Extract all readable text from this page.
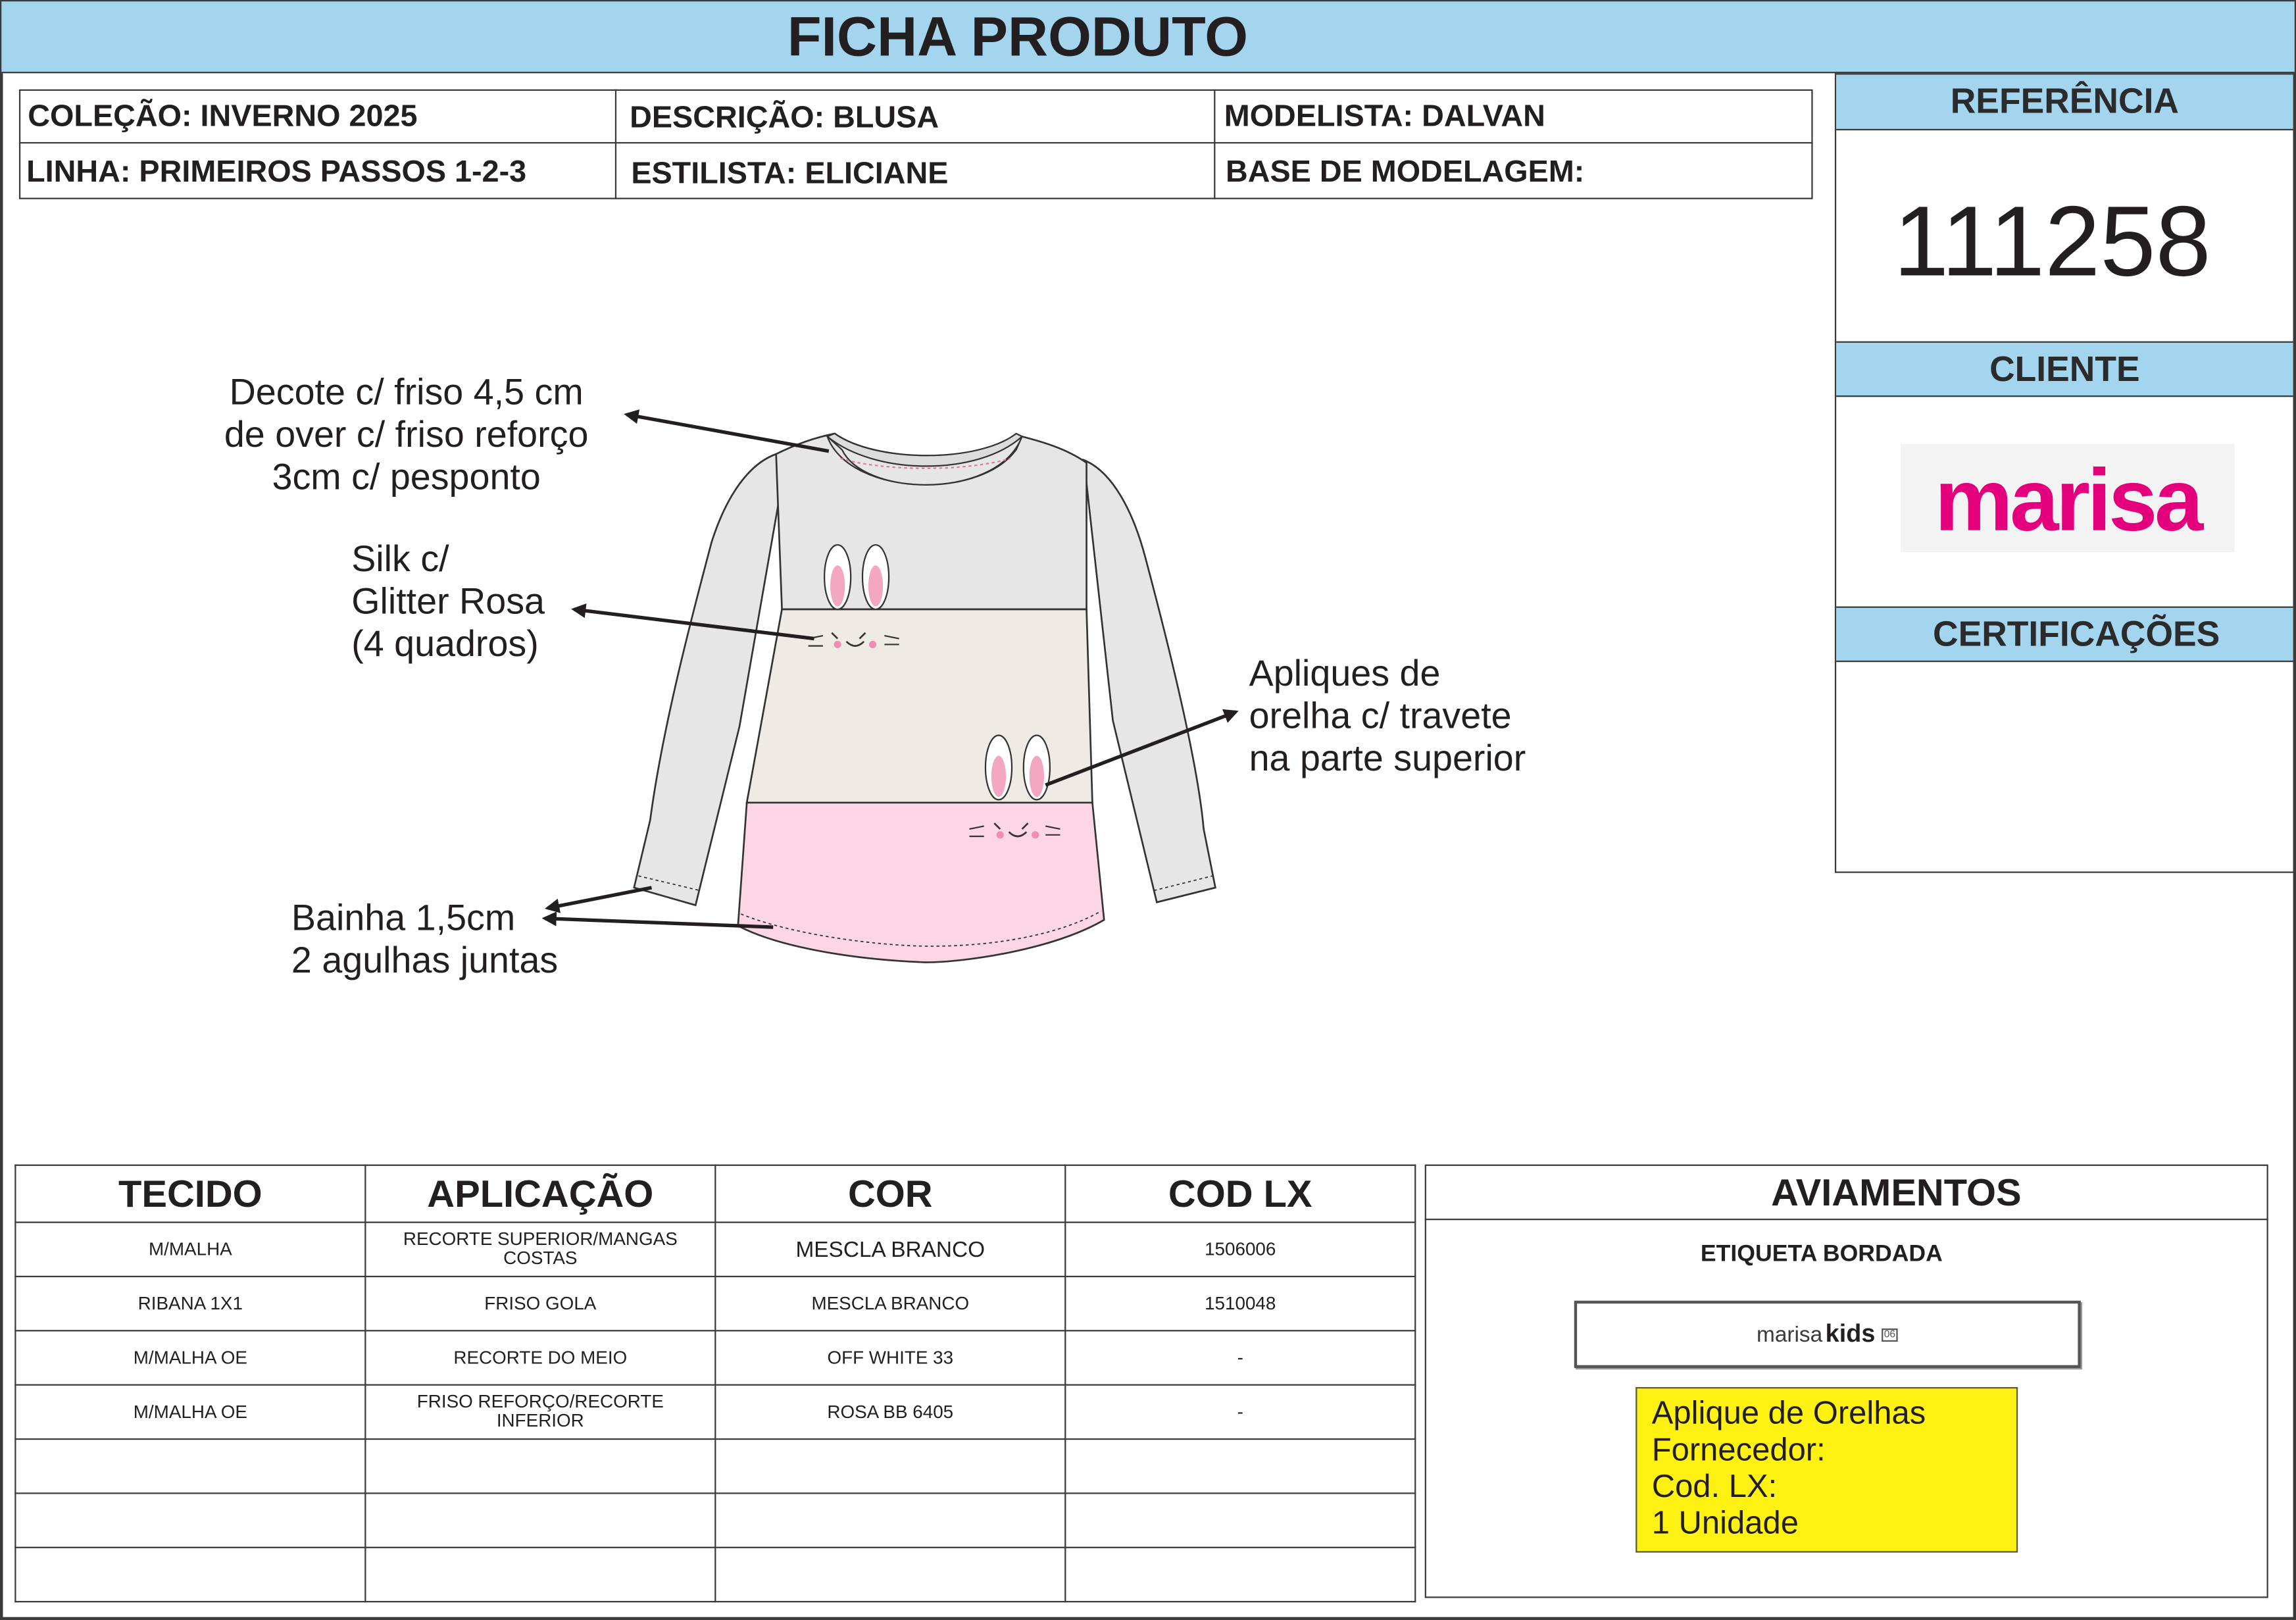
FICHA PRODUTO
COLEÇÃO: INVERNO 2025	DESCRIÇÃO: BLUSA	MODELISTA: DALVAN
LINHA: PRIMEIROS PASSOS 1-2-3	ESTILISTA: ELICIANE	BASE DE MODELAGEM:
REFERÊNCIA
111258
CLIENTE
marisa
CERTIFICAÇÕES
Decote c/ friso 4,5 cm
de over c/ friso reforço
3cm c/ pesponto
Silk c/
Glitter Rosa
(4 quadros)
Apliques de
orelha c/ travete
na parte superior
Bainha 1,5cm
2 agulhas juntas
TECIDO	APLICAÇÃO	COR	COD LX
M/MALHA	RECORTE SUPERIOR/MANGAS COSTAS	MESCLA BRANCO	1506006
RIBANA 1X1	FRISO GOLA	MESCLA BRANCO	1510048
M/MALHA OE	RECORTE DO MEIO	OFF WHITE 33	-
M/MALHA OE	FRISO REFORÇO/RECORTE INFERIOR	ROSA BB 6405	-

AVIAMENTOS
ETIQUETA BORDADA
marisa kids	06
Aplique de Orelhas
Fornecedor:
Cod. LX:
1 Unidade
